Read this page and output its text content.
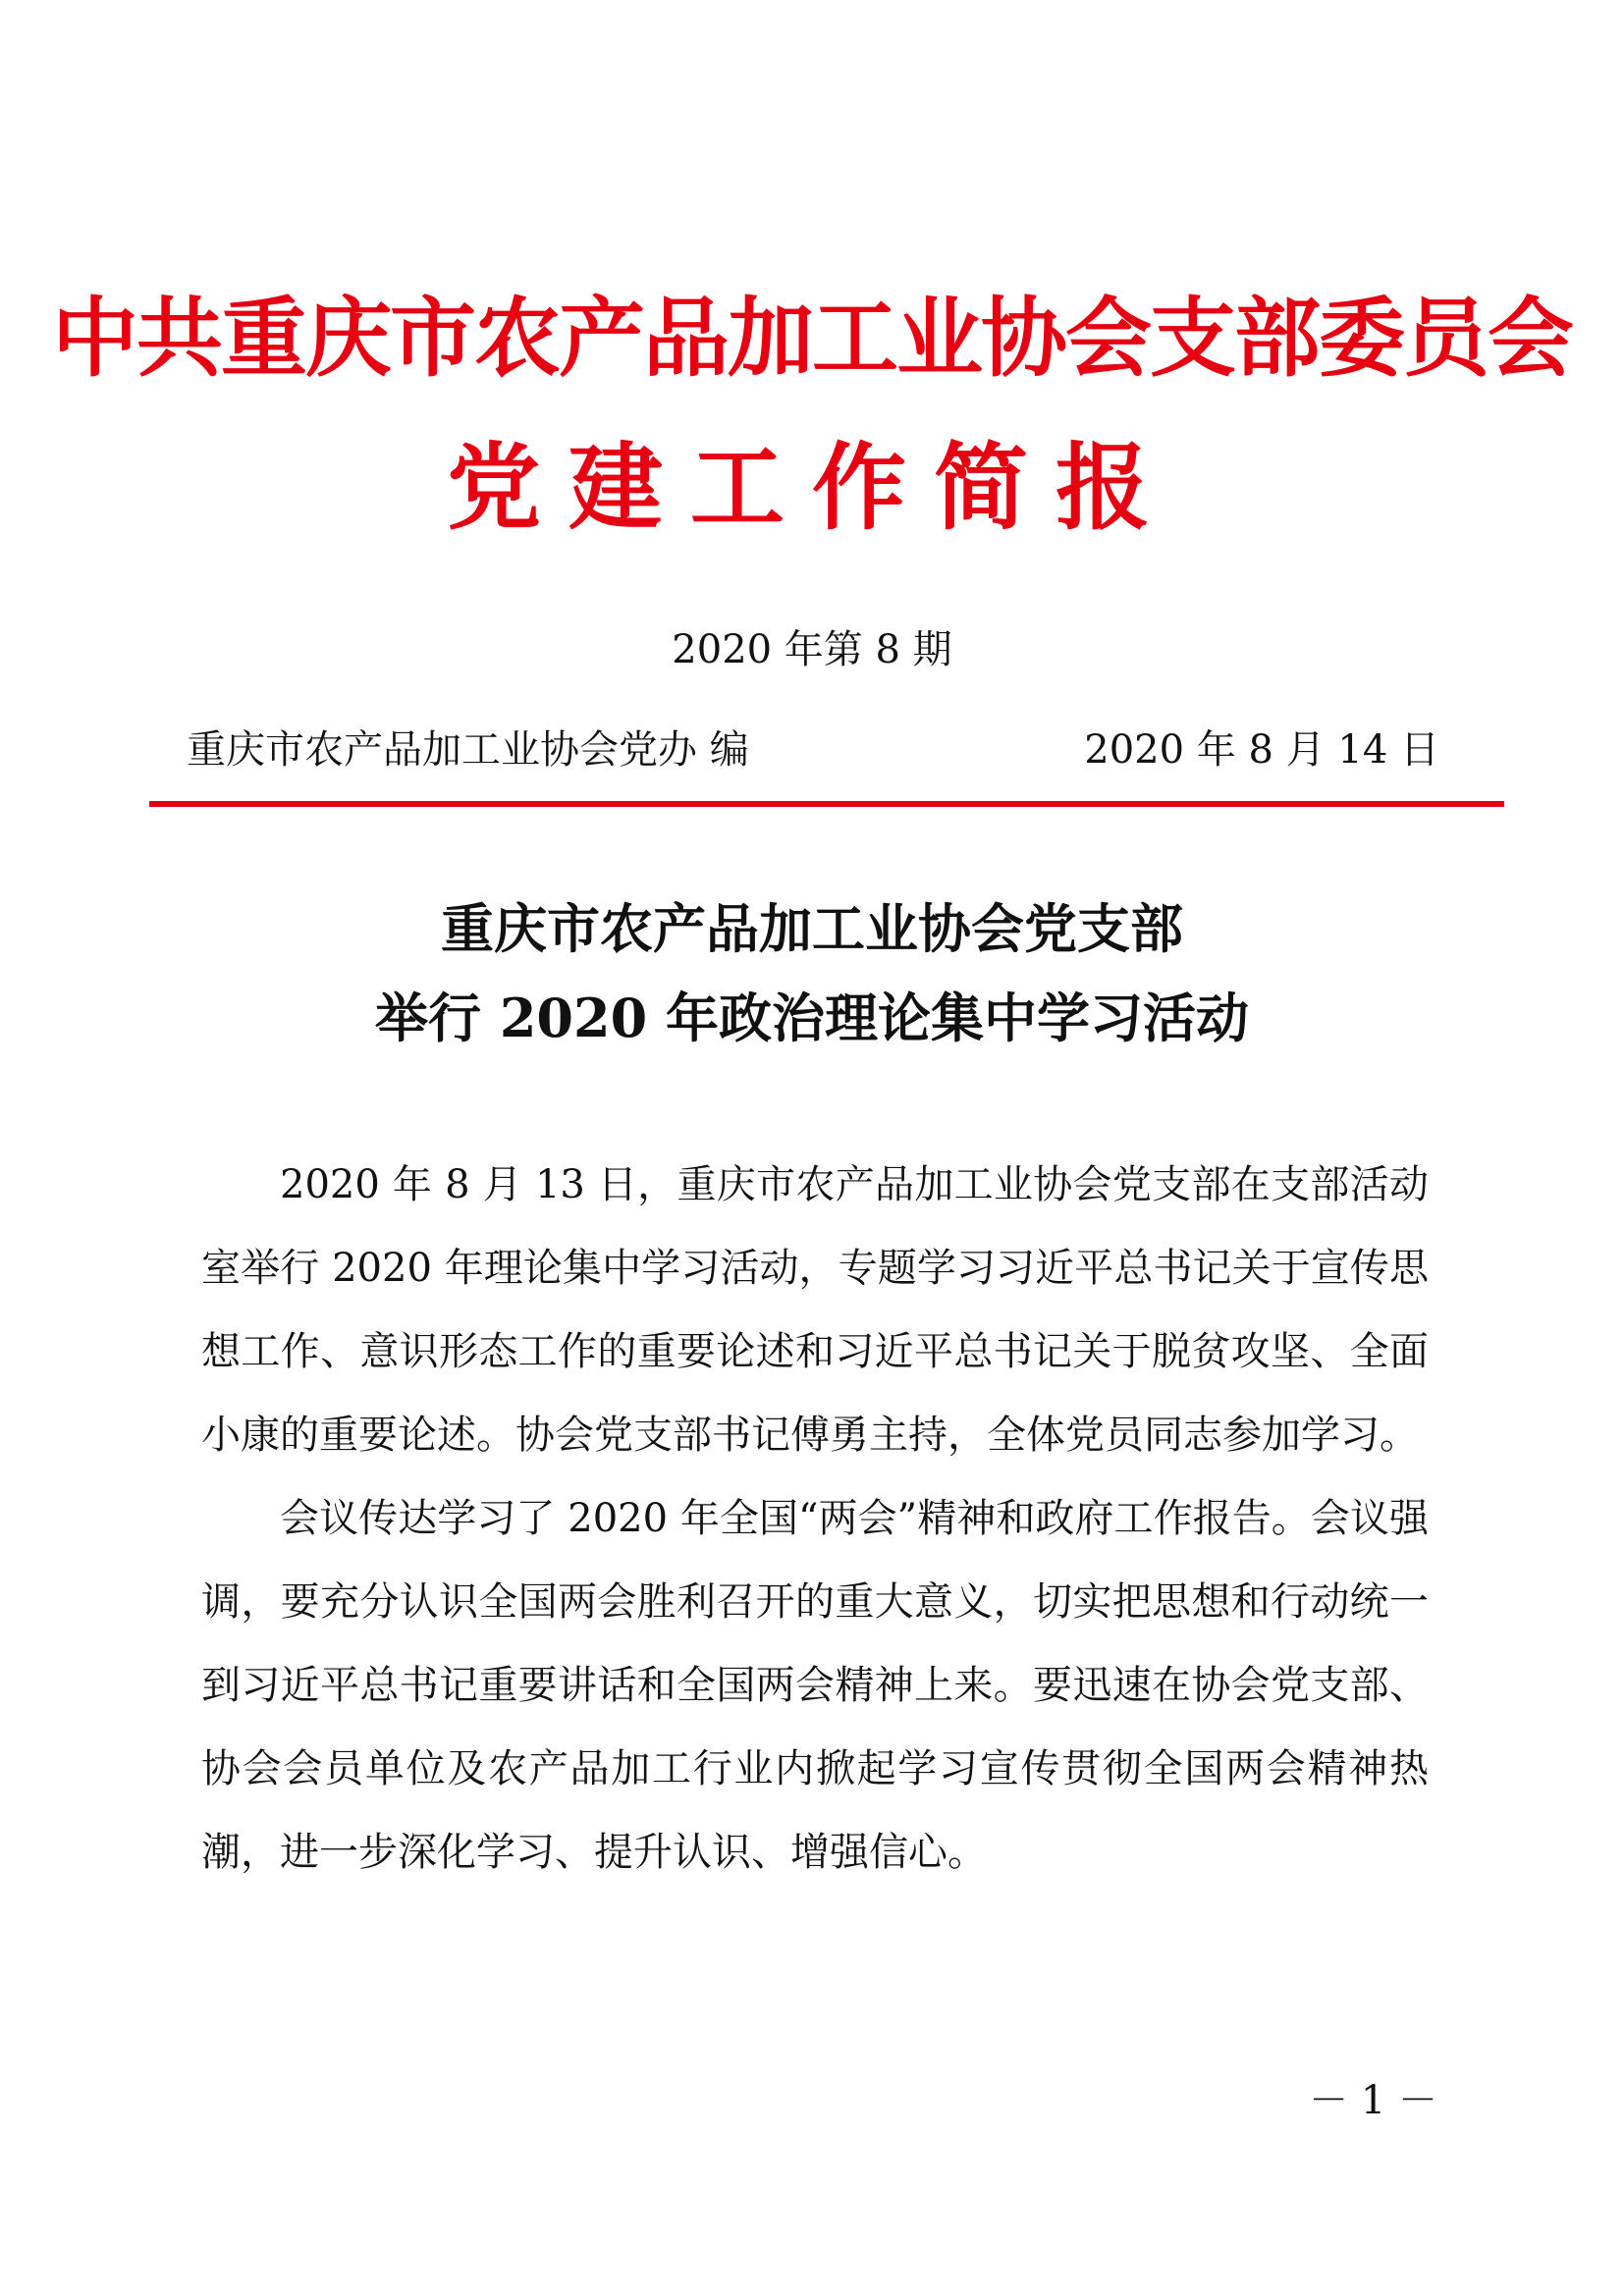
中共重庆市农产品加工业协会支部委员会
党建工作简报
2020 年第 8 期
重庆市农产品加工业协会党办 编	2020 年 8 月 14 日
重庆市农产品加工业协会党支部
举行 2020 年政治理论集中学习活动

2020 年 8 月 13 日，重庆市农产品加工业协会党支部在支部活动室举行 2020 年理论集中学习活动，专题学习习近平总书记关于宣传思想工作、意识形态工作的重要论述和习近平总书记关于脱贫攻坚、全面小康的重要论述。协会党支部书记傅勇主持，全体党员同志参加学习。

会议传达学习了 2020 年全国“两会”精神和政府工作报告。会议强调，要充分认识全国两会胜利召开的重大意义，切实把思想和行动统一到习近平总书记重要讲话和全国两会精神上来。要迅速在协会党支部、协会会员单位及农产品加工行业内掀起学习宣传贯彻全国两会精神热潮，进一步深化学习、提升认识、增强信心。

－ 1 －
